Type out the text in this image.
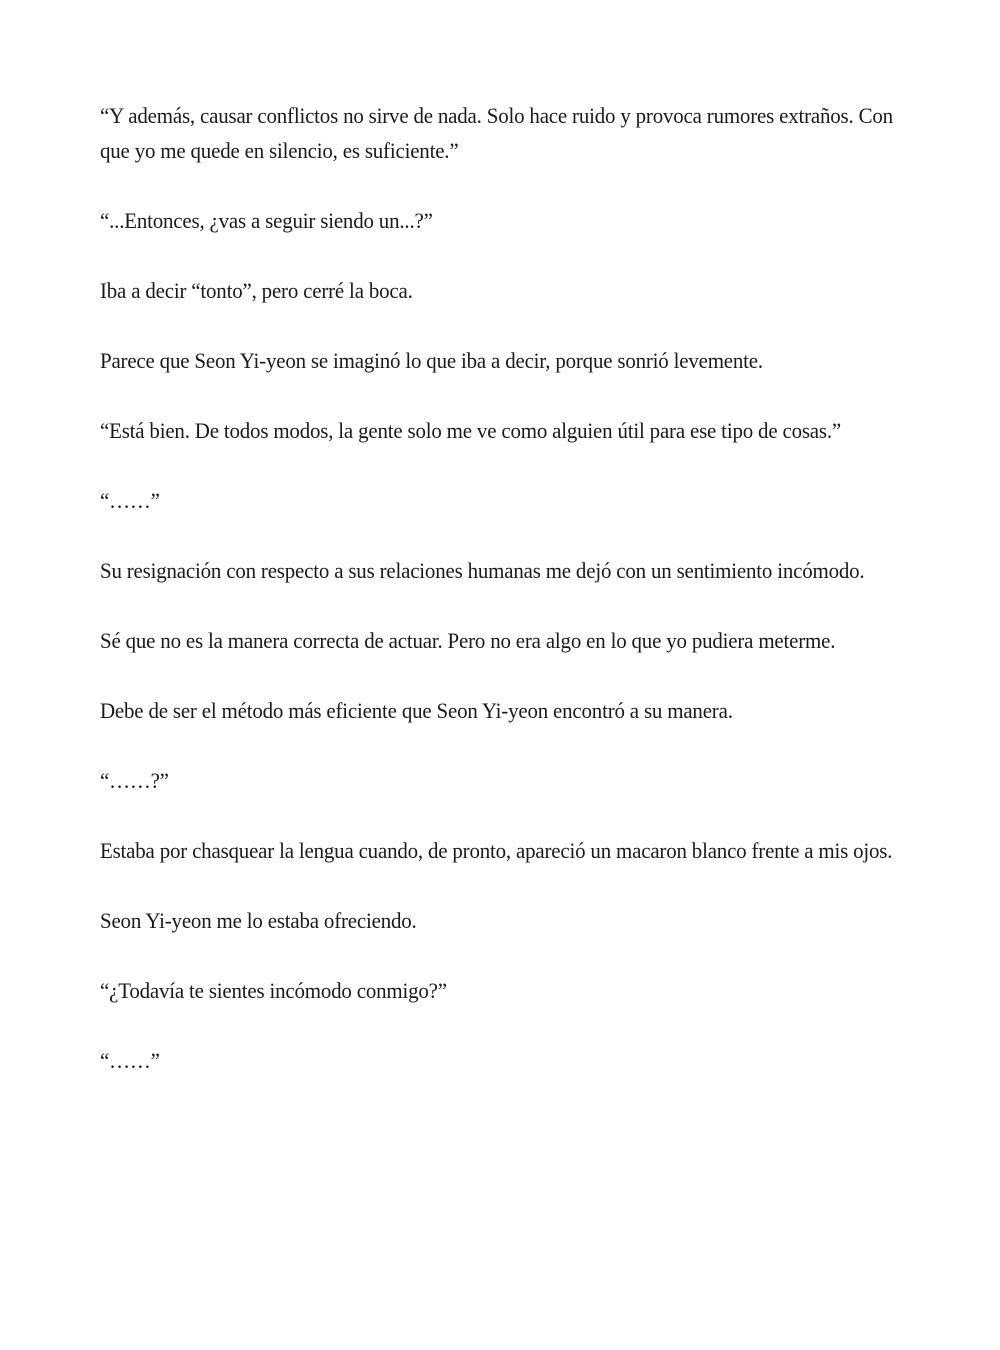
“Y además, causar conflictos no sirve de nada. Solo hace ruido y provoca rumores extraños. Con que yo me quede en silencio, es suficiente.”

“...Entonces, ¿vas a seguir siendo un...?”

Iba a decir “tonto”, pero cerré la boca.

Parece que Seon Yi-yeon se imaginó lo que iba a decir, porque sonrió levemente.

“Está bien. De todos modos, la gente solo me ve como alguien útil para ese tipo de cosas.”

“……”

Su resignación con respecto a sus relaciones humanas me dejó con un sentimiento incómodo.

Sé que no es la manera correcta de actuar. Pero no era algo en lo que yo pudiera meterme.

Debe de ser el método más eficiente que Seon Yi-yeon encontró a su manera.

“……?”

Estaba por chasquear la lengua cuando, de pronto, apareció un macaron blanco frente a mis ojos.

Seon Yi-yeon me lo estaba ofreciendo.

“¿Todavía te sientes incómodo conmigo?”

“……”
